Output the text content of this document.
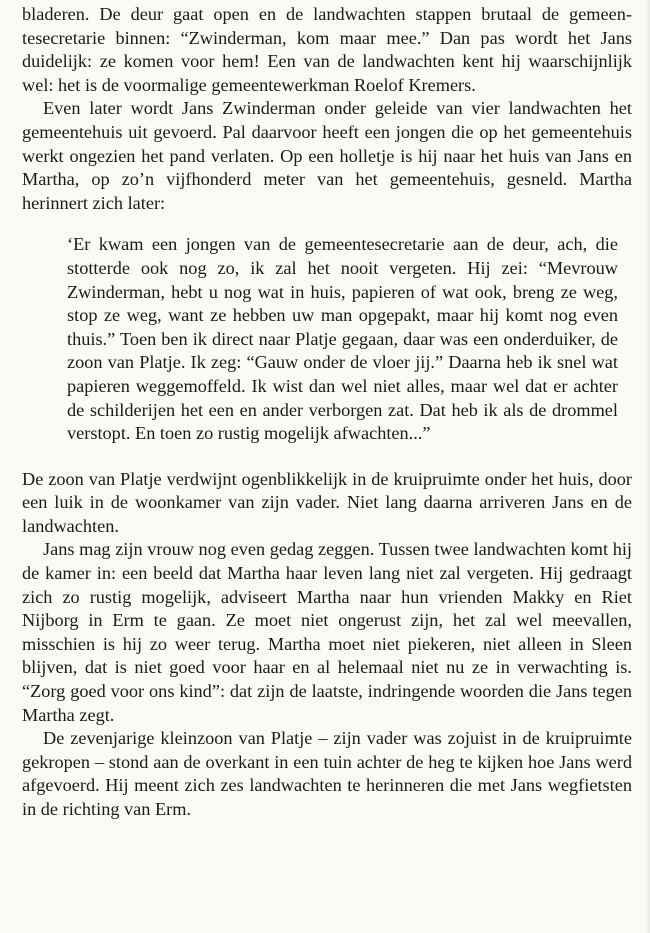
bladeren. De deur gaat open en de landwachten stappen brutaal de gemeentesecretarie binnen: “Zwinderman, kom maar mee.” Dan pas wordt het Jans duidelijk: ze komen voor hem! Een van de landwachten kent hij waarschijnlijk wel: het is de voormalige gemeentewerkman Roelof Kremers.

Even later wordt Jans Zwinderman onder geleide van vier landwachten het gemeentehuis uit gevoerd. Pal daarvoor heeft een jongen die op het gemeentehuis werkt ongezien het pand verlaten. Op een holletje is hij naar het huis van Jans en Martha, op zo’n vijfhonderd meter van het gemeentehuis, gesneld. Martha herinnert zich later:

‘Er kwam een jongen van de gemeentesecretarie aan de deur, ach, die stotterde ook nog zo, ik zal het nooit vergeten. Hij zei: “Mevrouw Zwinderman, hebt u nog wat in huis, papieren of wat ook, breng ze weg, stop ze weg, want ze hebben uw man opgepakt, maar hij komt nog even thuis.” Toen ben ik direct naar Platje gegaan, daar was een onderduiker, de zoon van Platje. Ik zeg: “Gauw onder de vloer jij.” Daarna heb ik snel wat papieren weggemoffeld. Ik wist dan wel niet alles, maar wel dat er achter de schilderijen het een en ander verborgen zat. Dat heb ik als de drommel verstopt. En toen zo rustig mogelijk afwachten...”

De zoon van Platje verdwijnt ogenblikkelijk in de kruipruimte onder het huis, door een luik in de woonkamer van zijn vader. Niet lang daarna arriveren Jans en de landwachten.

Jans mag zijn vrouw nog even gedag zeggen. Tussen twee landwachten komt hij de kamer in: een beeld dat Martha haar leven lang niet zal vergeten. Hij gedraagt zich zo rustig mogelijk, adviseert Martha naar hun vrienden Makky en Riet Nijborg in Erm te gaan. Ze moet niet ongerust zijn, het zal wel meevallen, misschien is hij zo weer terug. Martha moet niet piekeren, niet alleen in Sleen blijven, dat is niet goed voor haar en al helemaal niet nu ze in verwachting is. “Zorg goed voor ons kind”: dat zijn de laatste, indringende woorden die Jans tegen Martha zegt.

De zevenjarige kleinzoon van Platje – zijn vader was zojuist in de kruipruimte gekropen – stond aan de overkant in een tuin achter de heg te kijken hoe Jans werd afgevoerd. Hij meent zich zes landwachten te herinneren die met Jans wegfietsten in de richting van Erm.
